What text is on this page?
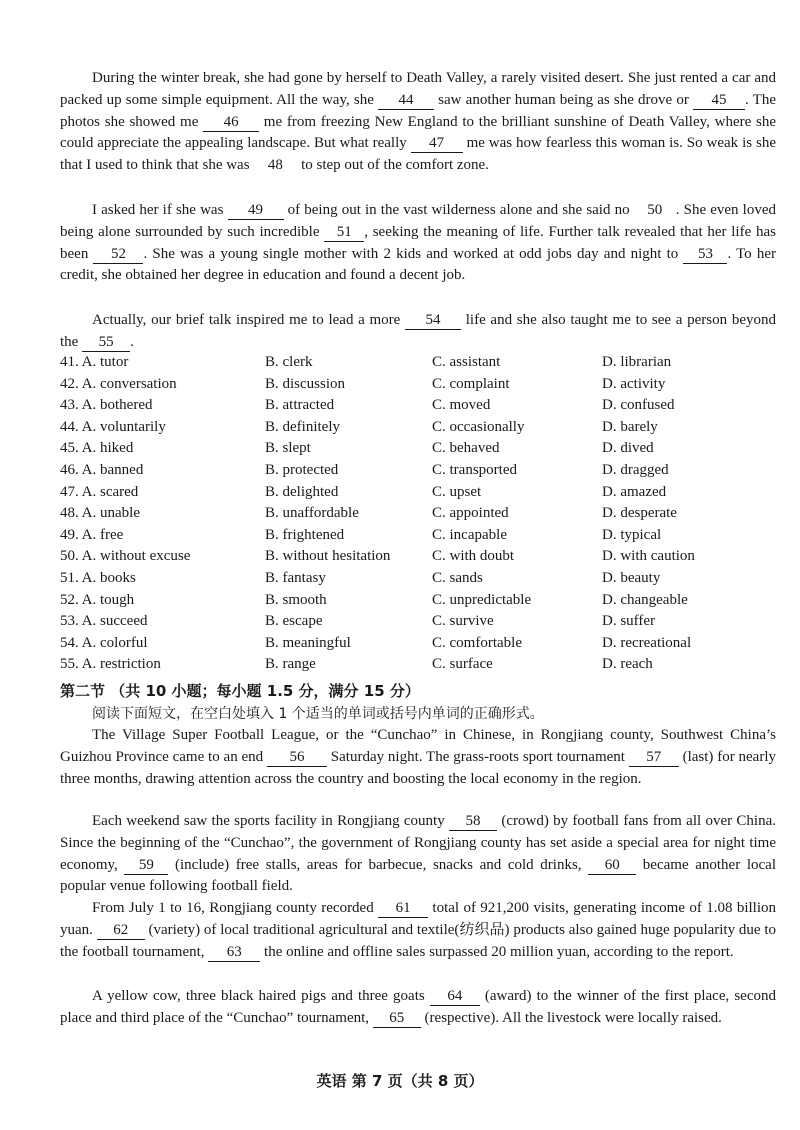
During the winter break, she had gone by herself to Death Valley, a rarely visited desert. She just rented a car and packed up some simple equipment. All the way, she 44 saw another human being as she drove or 45 . The photos she showed me 46 me from freezing New England to the brilliant sunshine of Death Valley, where she could appreciate the appealing landscape. But what really 47 me was how fearless this woman is. So weak is she that I used to think that she was 48 to step out of the comfort zone.

I asked her if she was 49 of being out in the vast wilderness alone and she said no 50 . She even loved being alone surrounded by such incredible 51 , seeking the meaning of life. Further talk revealed that her life has been 52 . She was a young single mother with 2 kids and worked at odd jobs day and night to 53 . To her credit, she obtained her degree in education and found a decent job.

Actually, our brief talk inspired me to lead a more 54 life and she also taught me to see a person beyond the 55 .

41. A. tutor	B. clerk	C. assistant	D. librarian
42. A. conversation	B. discussion	C. complaint	D. activity
43. A. bothered	B. attracted	C. moved	D. confused
44. A. voluntarily	B. definitely	C. occasionally	D. barely
45. A. hiked	B. slept	C. behaved	D. dived
46. A. banned	B. protected	C. transported	D. dragged
47. A. scared	B. delighted	C. upset	D. amazed
48. A. unable	B. unaffordable	C. appointed	D. desperate
49. A. free	B. frightened	C. incapable	D. typical
50. A. without excuse	B. without hesitation	C. with doubt	D. with caution
51. A. books	B. fantasy	C. sands	D. beauty
52. A. tough	B. smooth	C. unpredictable	D. changeable
53. A. succeed	B. escape	C. survive	D. suffer
54. A. colorful	B. meaningful	C. comfortable	D. recreational
55. A. restriction	B. range	C. surface	D. reach
第二节 （共 10 小题；每小题 1.5 分，满分 15 分）
阅读下面短文，在空白处填入 1 个适当的单词或括号内单词的正确形式。

The Village Super Football League, or the “Cunchao” in Chinese, in Rongjiang county, Southwest China’s Guizhou Province came to an end 56 Saturday night. The grass-roots sport tournament 57 (last) for nearly three months, drawing attention across the country and boosting the local economy in the region.

Each weekend saw the sports facility in Rongjiang county 58 (crowd) by football fans from all over China. Since the beginning of the “Cunchao”, the government of Rongjiang county has set aside a special area for night time economy, 59 (include) free stalls, areas for barbecue, snacks and cold drinks, 60 became another local popular venue following football field.

From July 1 to 16, Rongjiang county recorded 61 total of 921,200 visits, generating income of 1.08 billion yuan. 62 (variety) of local traditional agricultural and textile(纺织品) products also gained huge popularity due to the football tournament, 63 the online and offline sales surpassed 20 million yuan, according to the report.

A yellow cow, three black haired pigs and three goats 64 (award) to the winner of the first place, second place and third place of the “Cunchao” tournament, 65 (respective). All the livestock were locally raised.

英语 第 7 页（共 8 页）
